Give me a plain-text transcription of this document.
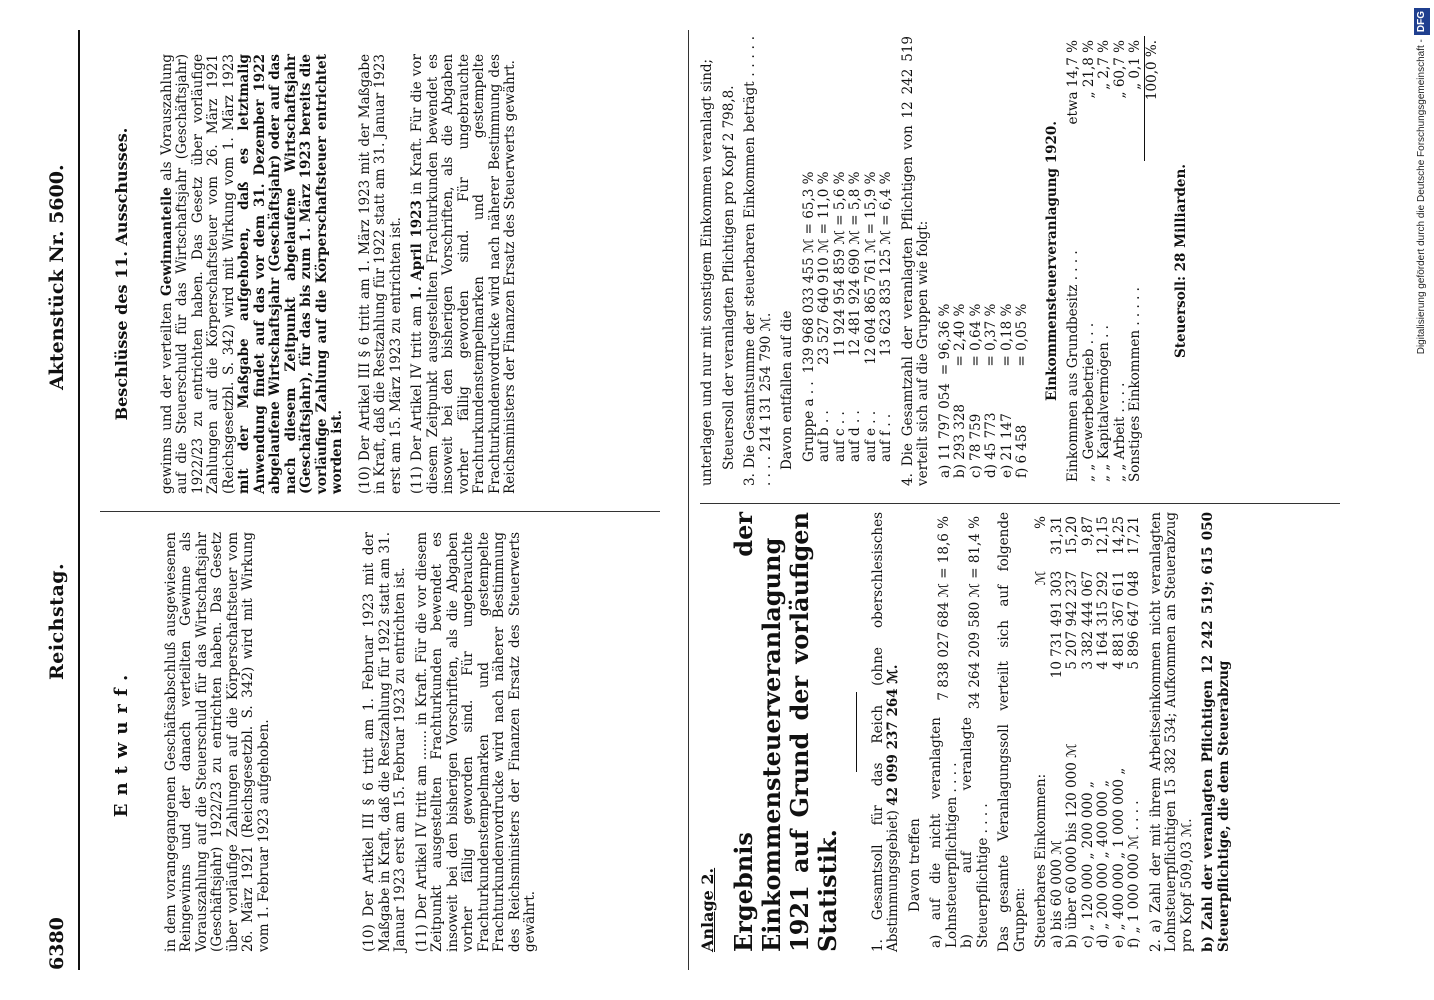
6380
Reichstag.
Aktenstück Nr. 5600.
Entwurf. in dem vorangegangenen Geschäftsabschluß ausgewiesenen Reingewinns und der danach verteilten Gewinne als Vorauszahlung auf die Steuerschuld für das Wirtschaftsjahr (Geschäftsjahr) 1922/23 zu entrichten haben. Das Gesetz über vorläufige Zahlungen auf die Körperschaftsteuer vom 26. März 1921 (Reichsgesetzbl. S. 342) wird mit Wirkung vom 1. Februar 1923 aufgehoben.	(10) Der Artikel III § 6 tritt am 1. Februar 1923 mit der Maßgabe in Kraft, daß die Restzahlung für 1922 statt am 31. Januar 1923 erst am 15. Februar 1923 zu entrichten ist. (11) Der Artikel IV tritt am ....... in Kraft. Für die vor diesem Zeitpunkt ausgestellten Frachturkunden bewendet es insoweit bei den bisherigen Vorschriften, als die Abgaben vorher fällig geworden sind. Für ungebrauchte Frachturkundenstempelmarken und gestempelte Frachturkundenvordrucke wird nach näherer Bestimmung des Reichsministers der Finanzen Ersatz des Steuerwerts gewährt.

Beschlüsse des 11. Ausschusses. gewinns und der verteilten Gewinnanteile als Vorauszahlung auf die Steuerschuld für das Wirtschaftsjahr (Geschäftsjahr) 1922/23 zu entrichten haben. Das Gesetz über vorläufige Zahlungen auf die Körperschaftsteuer vom 26. März 1921 (Reichsgesetzbl. S. 342) wird mit Wirkung vom 1. März 1923 mit der Maßgabe aufgehoben, daß es letztmalig Anwendung findet auf das vor dem 31. Dezember 1922 abgelaufene Wirtschaftsjahr (Geschäftsjahr) oder auf das nach diesem Zeitpunkt abgelaufene Wirtschaftsjahr (Geschäftsjahr), für das bis zum 1. März 1923 bereits die vorläufige Zahlung auf die Körperschaftsteuer entrichtet worden ist. (10) Der Artikel III § 6 tritt am 1. März 1923 mit der Maßgabe in Kraft, daß die Restzahlung für 1922 statt am 31. Januar 1923 erst am 15. März 1923 zu entrichten ist. (11) Der Artikel IV tritt am 1. April 1923 in Kraft. Für die vor diesem Zeitpunkt ausgestellten Frachturkunden bewendet es insoweit bei den bisherigen Vorschriften, als die Abgaben vorher fällig geworden sind. Für ungebrauchte Frachturkundenstempelmarken und gestempelte Frachturkundenvordrucke wird nach näherer Bestimmung des Reichsministers der Finanzen Ersatz des Steuerwerts gewährt.

Anlage 2. Ergebnis der Einkommensteuerveranlagung 1921 auf Grund der vorläufigen Statistik. 1. Gesamtsoll für das Reich (ohne oberschlesisches Abstimmungsgebiet) 42 099 237 264 ℳ.

Davon treffen a) auf die nicht veranlagten Lohnsteuerpflichtigen . . . .	7 838 027 684 ℳ = 18,6 %
b) auf veranlagte Steuerpflichtige . . . .	34 264 209 580 ℳ = 81,4 % Das gesamte Veranlagungssoll verteilt sich auf folgende Gruppen: Steuerbares Einkommen:	ℳ	%
a) bis 60 000 ℳ	10 731 491 303	31,31
b) über 60 000 bis 120 000 ℳ	5 207 942 237	15,20
c) „ 120 000 „ 200 000 „	3 382 444 067	9,87
d) „ 200 000 „ 400 000 „	4 164 315 292	12,15
e) „ 400 000 „ 1 000 000 „	4 881 367 611	14,25
f) „ 1 000 000 ℳ . . . .	5 896 647 048	17,21 2. a) Zahl der mit ihrem Arbeitseinkommen nicht veranlagten Lohnsteuerpflichtigen 15 382 534; Aufkommen an Steuerabzug pro Kopf 509,03 ℳ. b) Zahl der veranlagten Pflichtigen 12 242 519; 615 050 Steuerpflichtige, die dem Steuerabzug

unterlagen und nur mit sonstigem Einkommen veranlagt sind; Steuersoll der veranlagten Pflichtigen pro Kopf 2 798,8. 3. Die Gesamtsumme der steuerbaren Einkommen beträgt . . . . . . . . . 214 131 254 790 ℳ. Davon entfallen auf die Gruppe a . .	139 968 033 455 ℳ = 65,3 %
auf b . .	23 527 640 910 ℳ = 11,0 %
auf c . .	11 924 954 859 ℳ = 5,6 %
auf d . .	12 481 924 690 ℳ = 5,8 %
auf e . .	12 604 865 761 ℳ = 15,9 %
auf f . .	13 623 835 125 ℳ = 6,4 % 4. Die Gesamtzahl der veranlagten Pflichtigen von 12 242 519 verteilt sich auf die Gruppen wie folgt: a) 11 797 054	= 96,36 %
b) 293 328	= 2,40 %
c) 78 759	= 0,64 %
d) 45 773	= 0,37 %
e) 21 147	= 0,18 %
f) 6 458	= 0,05 % Einkommensteuerveranlagung 1920. Einkommen aus Grundbesitz . . . .	etwa 14,7 %
„ „ Gewerbebetrieb . . .	„ 21,8 %
„ „ Kapitalvermögen . .	„ 2,7 %
„ „ Arbeit . . . .	„ 60,7 %
Sonstiges Einkommen . . . . .	„ 0,1 %
	100,0 %.

Steuersoll: 28 Milliarden.	Digitalisierung gefördert durch die Deutsche Forschungsgemeinschaft -DFG
